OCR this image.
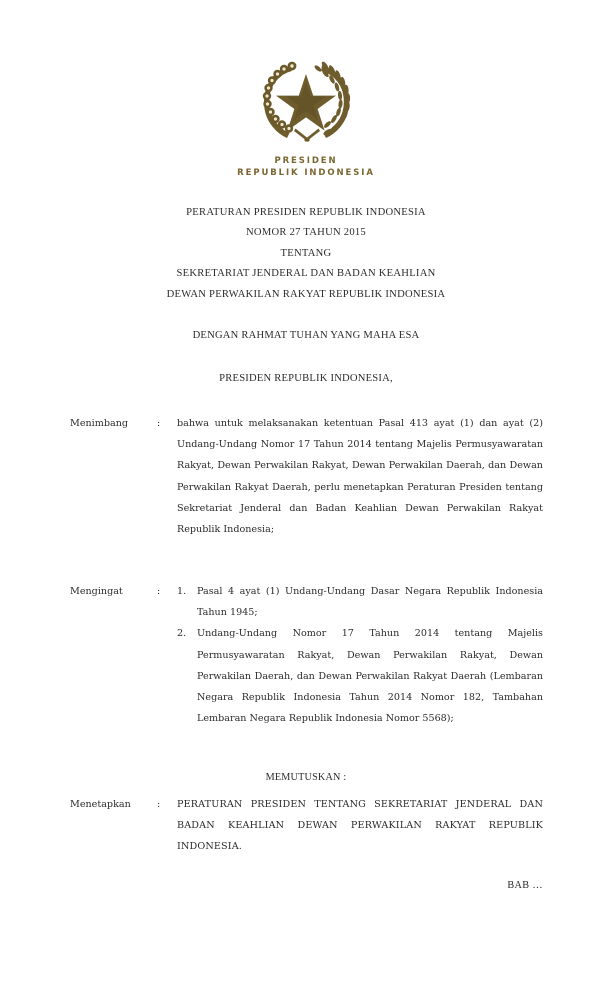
PRESIDEN
REPUBLIK INDONESIA
PERATURAN PRESIDEN REPUBLIK INDONESIA
NOMOR 27 TAHUN 2015
TENTANG
SEKRETARIAT JENDERAL DAN BADAN KEAHLIAN
DEWAN PERWAKILAN RAKYAT REPUBLIK INDONESIA
DENGAN RAHMAT TUHAN YANG MAHA ESA
PRESIDEN REPUBLIK INDONESIA,
Menimbang	:	bahwa untuk melaksanakan ketentuan Pasal 413 ayat (1) dan ayat (2) Undang-Undang Nomor 17 Tahun 2014 tentang Majelis Permusyawaratan Rakyat, Dewan Perwakilan Rakyat, Dewan Perwakilan Daerah, dan Dewan Perwakilan Rakyat Daerah, perlu menetapkan Peraturan Presiden tentang Sekretariat Jenderal dan Badan Keahlian Dewan Perwakilan Rakyat Republik Indonesia;

Mengingat	:	1.	Pasal 4 ayat (1) Undang-Undang Dasar Negara Republik Indonesia Tahun 1945;
2.	Undang-Undang Nomor 17 Tahun 2014 tentang Majelis Permusyawaratan Rakyat, Dewan Perwakilan Rakyat, Dewan Perwakilan Daerah, dan Dewan Perwakilan Rakyat Daerah (Lembaran Negara Republik Indonesia Tahun 2014 Nomor 182, Tambahan Lembaran Negara Republik Indonesia Nomor 5568);
MEMUTUSKAN :
Menetapkan	:	PERATURAN PRESIDEN TENTANG SEKRETARIAT JENDERAL DAN BADAN KEAHLIAN DEWAN PERWAKILAN RAKYAT REPUBLIK INDONESIA.

BAB …
